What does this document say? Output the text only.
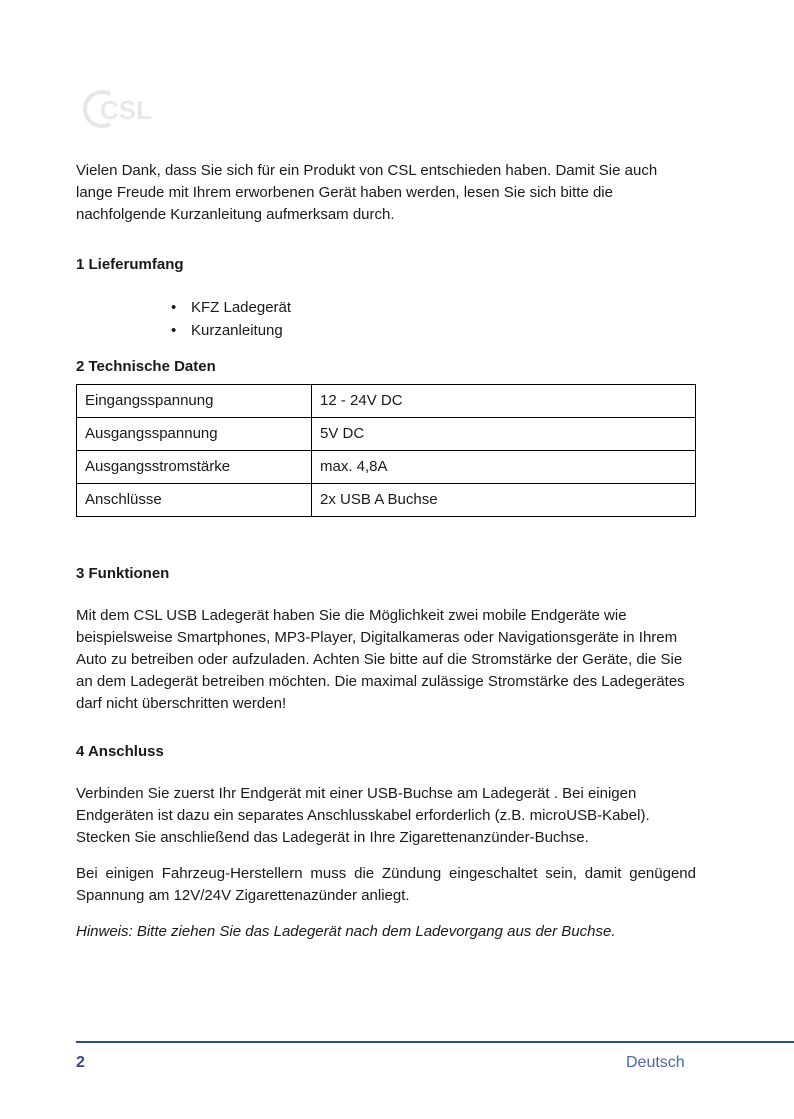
CSL

Vielen Dank, dass Sie sich für ein Produkt von CSL entschieden haben. Damit Sie auch lange Freude mit Ihrem erworbenen Gerät haben werden, lesen Sie sich bitte die nachfolgende Kurzanleitung aufmerksam durch.

1 Lieferumfang
• KFZ Ladegerät
• Kurzanleitung
2 Technische Daten
Eingangsspannung	12 - 24V DC
Ausgangsspannung	5V DC
Ausgangsstromstärke	max. 4,8A
Anschlüsse	2x USB A Buchse
3 Funktionen

Mit dem CSL USB Ladegerät haben Sie die Möglichkeit zwei mobile Endgeräte wie beispielsweise Smartphones, MP3-Player, Digitalkameras oder Navigationsgeräte in Ihrem Auto zu betreiben oder aufzuladen. Achten Sie bitte auf die Stromstärke der Geräte, die Sie an dem Ladegerät betreiben möchten. Die maximal zulässige Stromstärke des Ladegerätes darf nicht überschritten werden!

4 Anschluss

Verbinden Sie zuerst Ihr Endgerät mit einer USB-Buchse am Ladegerät . Bei einigen Endgeräten ist dazu ein separates Anschlusskabel erforderlich (z.B. microUSB-Kabel). Stecken Sie anschließend das Ladegerät in Ihre Zigarettenanzünder-Buchse.

Bei einigen Fahrzeug-Herstellern muss die Zündung eingeschaltet sein, damit genügend Spannung am 12V/24V Zigarettenazünder anliegt.

Hinweis: Bitte ziehen Sie das Ladegerät nach dem Ladevorgang aus der Buchse.

2	Deutsch
